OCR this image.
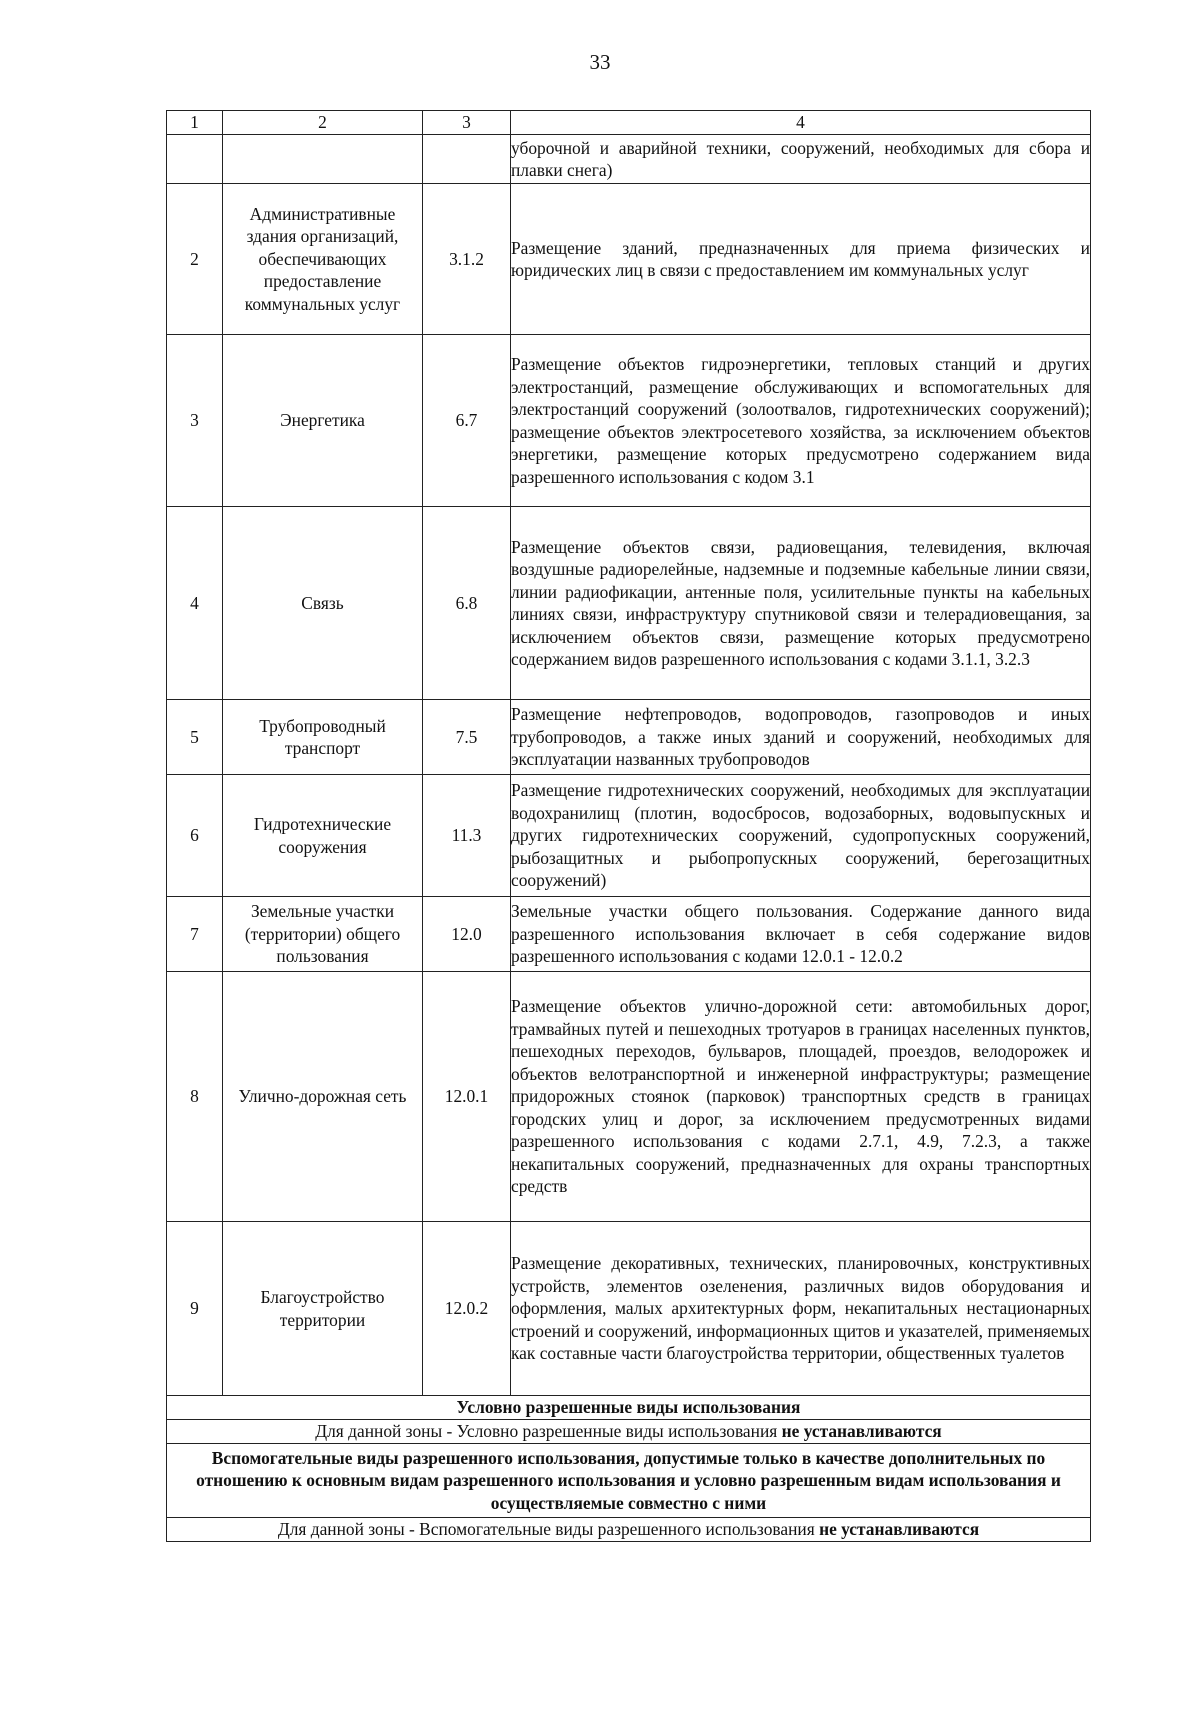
33
1	2	3	4
			уборочной и аварийной техники, сооружений, необходимых для сбора и плавки снега)
2	Административные здания организаций, обеспечивающих предоставление коммунальных услуг	3.1.2	Размещение зданий, предназначенных для приема физических и юридических лиц в связи с предоставлением им коммунальных услуг
3	Энергетика	6.7	Размещение объектов гидроэнергетики, тепловых станций и других электростанций, размещение обслуживающих и вспомогательных для электростанций сооружений (золоотвалов, гидротехнических сооружений); размещение объектов электросетевого хозяйства, за исключением объектов энергетики, размещение которых предусмотрено содержанием вида разрешенного использования с кодом 3.1
4	Связь	6.8	Размещение объектов связи, радиовещания, телевидения, включая воздушные радиорелейные, надземные и подземные кабельные линии связи, линии радиофикации, антенные поля, усилительные пункты на кабельных линиях связи, инфраструктуру спутниковой связи и телерадиовещания, за исключением объектов связи, размещение которых предусмотрено содержанием видов разрешенного использования с кодами 3.1.1, 3.2.3
5	Трубопроводный транспорт	7.5	Размещение нефтепроводов, водопроводов, газопроводов и иных трубопроводов, а также иных зданий и сооружений, необходимых для эксплуатации названных трубопроводов
6	Гидротехнические сооружения	11.3	Размещение гидротехнических сооружений, необходимых для эксплуатации водохранилищ (плотин, водосбросов, водозаборных, водовыпускных и других гидротехнических сооружений, судопропускных сооружений, рыбозащитных и рыбопропускных сооружений, берегозащитных сооружений)
7	Земельные участки (территории) общего пользования	12.0	Земельные участки общего пользования. Содержание данного вида разрешенного использования включает в себя содержание видов разрешенного использования с кодами 12.0.1 - 12.0.2
8	Улично-дорожная сеть	12.0.1	Размещение объектов улично-дорожной сети: автомобильных дорог, трамвайных путей и пешеходных тротуаров в границах населенных пунктов, пешеходных переходов, бульваров, площадей, проездов, велодорожек и объектов велотранспортной и инженерной инфраструктуры; размещение придорожных стоянок (парковок) транспортных средств в границах городских улиц и дорог, за исключением предусмотренных видами разрешенного использования с кодами 2.7.1, 4.9, 7.2.3, а также некапитальных сооружений, предназначенных для охраны транспортных средств
9	Благоустройство территории	12.0.2	Размещение декоративных, технических, планировочных, конструктивных устройств, элементов озеленения, различных видов оборудования и оформления, малых архитектурных форм, некапитальных нестационарных строений и сооружений, информационных щитов и указателей, применяемых как составные части благоустройства территории, общественных туалетов
Условно разрешенные виды использования			
Для данной зоны - Условно разрешенные виды использования не устанавливаются			
Вспомогательные виды разрешенного использования, допустимые только в качестве дополнительных по отношению к основным видам разрешенного использования и условно разрешенным видам использования и осуществляемые совместно с ними			
Для данной зоны - Вспомогательные виды разрешенного использования не устанавливаются			
